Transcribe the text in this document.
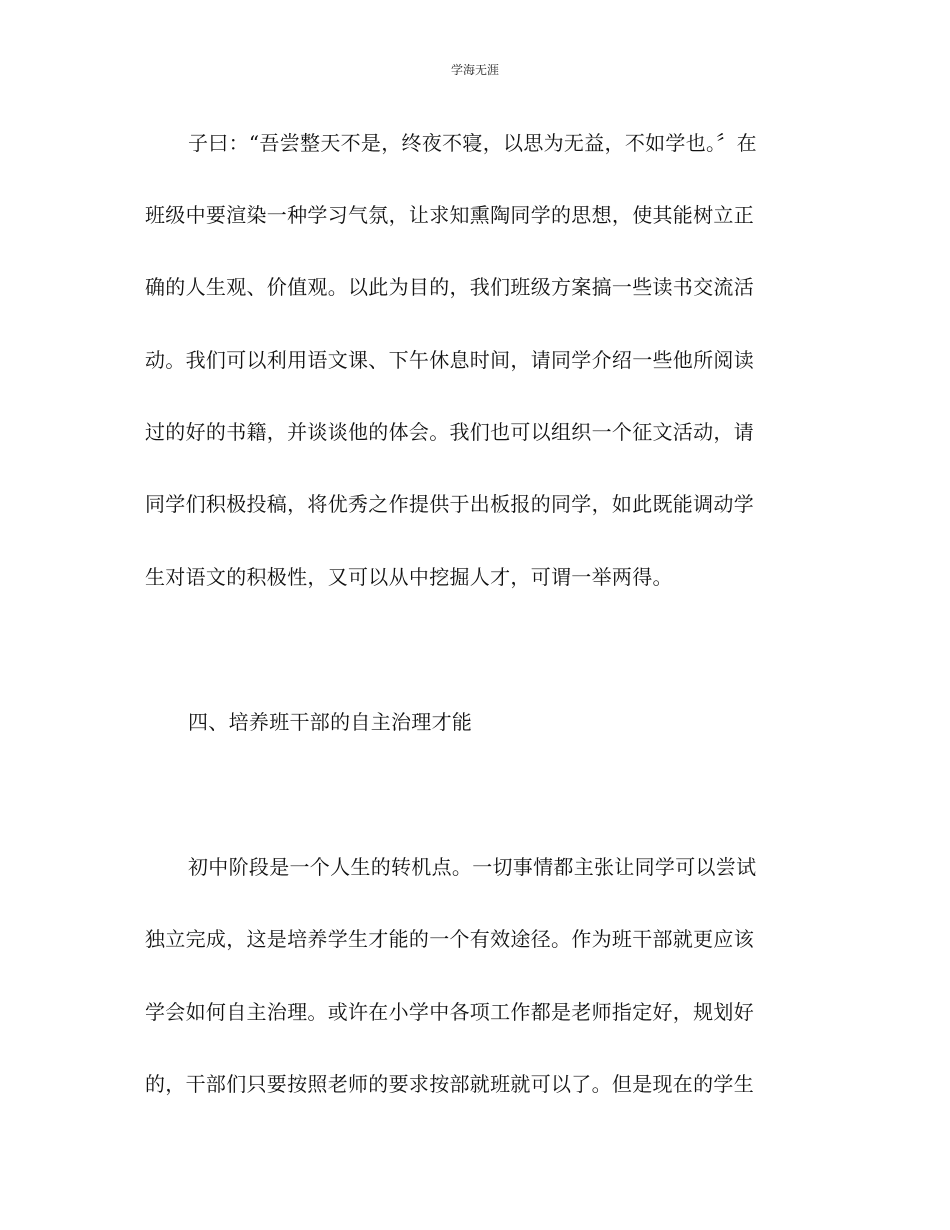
学海无涯
子曰：“吾尝整天不是，终夜不寝，以思为无益，不如学也。〞在
班级中要渲染一种学习气氛，让求知熏陶同学的思想，使其能树立正
确的人生观、价值观。以此为目的，我们班级方案搞一些读书交流活
动。我们可以利用语文课、下午休息时间，请同学介绍一些他所阅读
过的好的书籍，并谈谈他的体会。我们也可以组织一个征文活动，请
同学们积极投稿，将优秀之作提供于出板报的同学，如此既能调动学
生对语文的积极性，又可以从中挖掘人才，可谓一举两得。
四、培养班干部的自主治理才能
初中阶段是一个人生的转机点。一切事情都主张让同学可以尝试
独立完成，这是培养学生才能的一个有效途径。作为班干部就更应该
学会如何自主治理。或许在小学中各项工作都是老师指定好，规划好
的，干部们只要按照老师的要求按部就班就可以了。但是现在的学生
